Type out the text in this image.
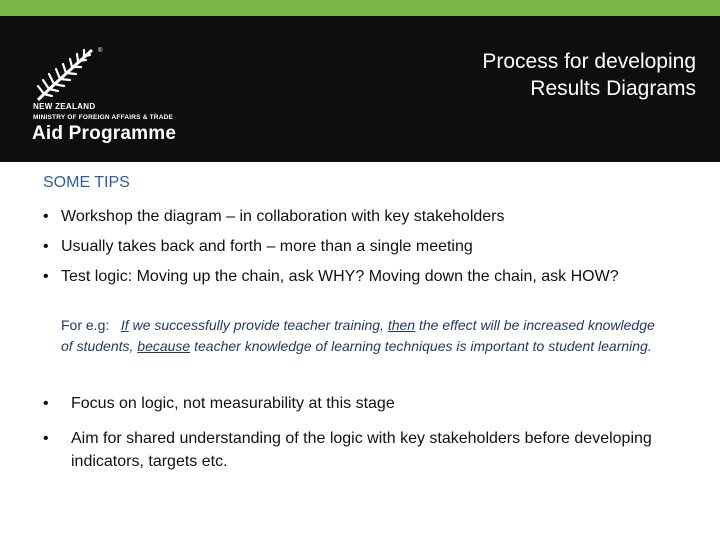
®
NEW ZEALAND
MINISTRY OF FOREIGN AFFAIRS & TRADE
Aid Programme
Process for developing
Results Diagrams
SOME TIPS
• Workshop the diagram – in collaboration with key stakeholders
• Usually takes back and forth – more than a single meeting
• Test logic: Moving up the chain, ask WHY? Moving down the chain, ask HOW?
For e.g: If we successfully provide teacher training, then the effect will be increased knowledge of students, because teacher knowledge of learning techniques is important to student learning.
• Focus on logic, not measurability at this stage
• Aim for shared understanding of the logic with key stakeholders before developing indicators, targets etc.
